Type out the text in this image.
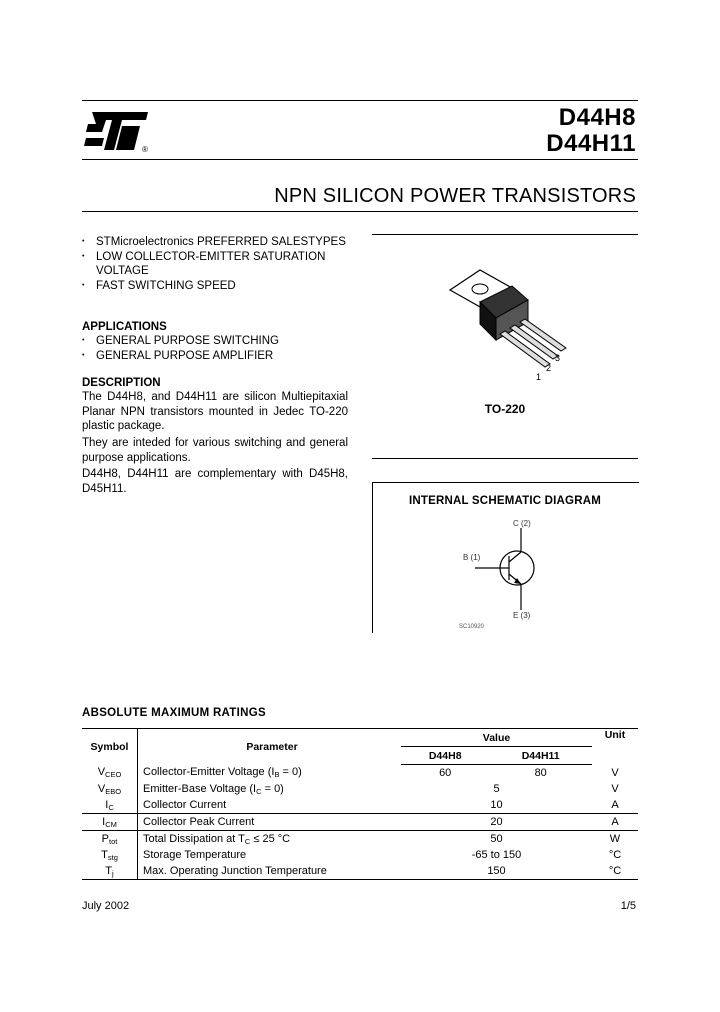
®
D44H8
D44H11
NPN SILICON POWER TRANSISTORS
• STMicroelectronics PREFERRED SALESTYPES
• LOW COLLECTOR-EMITTER SATURATION VOLTAGE
• FAST SWITCHING SPEED
APPLICATIONS
• GENERAL PURPOSE SWITCHING
• GENERAL PURPOSE AMPLIFIER
DESCRIPTION

The D44H8, and D44H11 are silicon Multiepitaxial Planar NPN transistors mounted in Jedec TO-220 plastic package.

They are inteded for various switching and general purpose applications.

D44H8, D44H11 are complementary with D45H8, D45H11.

1
2
3
TO-220
INTERNAL SCHEMATIC DIAGRAM
C (2)
B (1)
E (3)
SC10920
ABSOLUTE MAXIMUM RATINGS
Symbol	Parameter	Value		Unit
		D44H8	D44H11	
$V_{CEO}$	Collector-Emitter Voltage $(I_B = 0)$	60	80	V
$V_{EBO}$	Emitter-Base Voltage $(I_C = 0)$	5		V
$I_C$	Collector Current	10		A
$I_{CM}$	Collector Peak Current	20		A
$P_{tot}$	Total Dissipation at $T_C \le 25$ °C	50		W
$T_{stg}$	Storage Temperature	-65 to 150		°C
$T_j$	Max. Operating Junction Temperature	150		°C
July 2002	1/5
